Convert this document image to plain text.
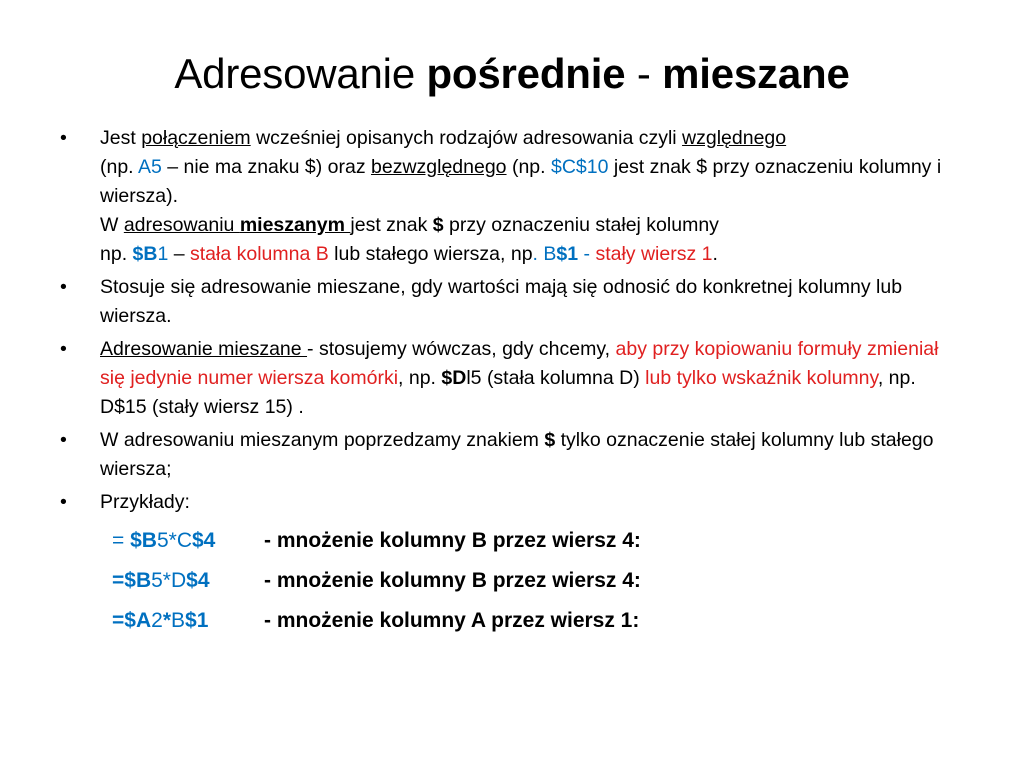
Adresowanie pośrednie - mieszane
•	Jest połączeniem wcześniej opisanych rodzajów adresowania czyli względnego
(np. A5 – nie ma znaku $) oraz bezwzględnego (np. $C$10 jest znak $ przy oznaczeniu kolumny i wiersza).
W adresowaniu mieszanym jest znak $ przy oznaczeniu stałej kolumny
np. $B1 – stała kolumna B lub stałego wiersza, np. B$1 - stały wiersz 1.
•	Stosuje się adresowanie mieszane, gdy wartości mają się odnosić do konkretnej kolumny lub wiersza.
•	Adresowanie mieszane - stosujemy wówczas, gdy chcemy, aby przy kopiowaniu formuły zmieniał się jedynie numer wiersza komórki, np. $Dl5 (stała kolumna D) lub tylko wskaźnik kolumny, np. D$15 (stały wiersz 15) .
•	W adresowaniu mieszanym poprzedzamy znakiem $ tylko oznaczenie stałej kolumny lub stałego wiersza;
•	Przykłady:
= $B5*C$4	- mnożenie kolumny B przez wiersz 4:
=$B5*D$4	- mnożenie kolumny B przez wiersz 4:
=$A2*B$1	- mnożenie kolumny A przez wiersz 1:
